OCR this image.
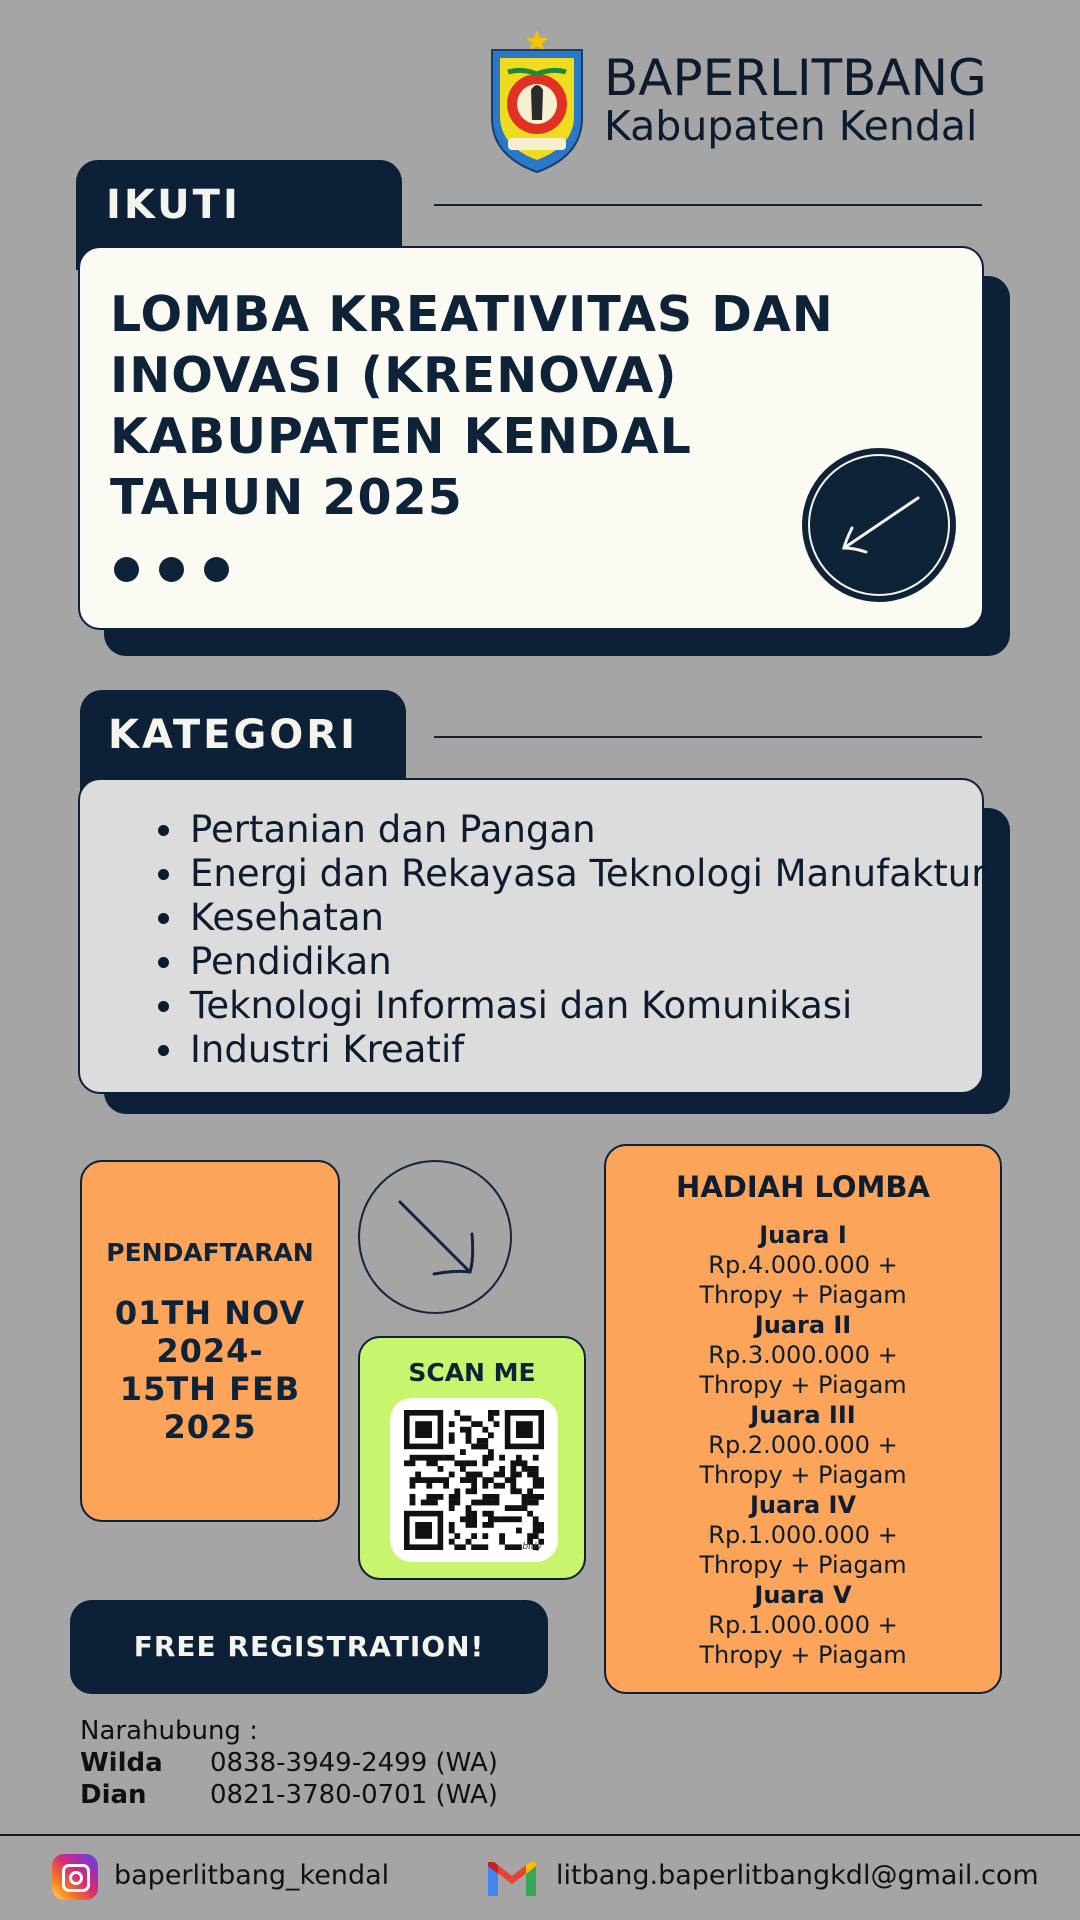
BAPERLITBANG
Kabupaten Kendal
IKUTI
LOMBA KREATIVITAS DAN
INOVASI (KRENOVA)
KABUPATEN KENDAL
TAHUN 2025
KATEGORI
Pertanian dan Pangan
Energi dan Rekayasa Teknologi Manufaktur
Kesehatan
Pendidikan
Teknologi Informasi dan Komunikasi
Industri Kreatif
PENDAFTARAN
01TH NOV
2024-
15TH FEB
2025
SCAN ME
bitly
HADIAH LOMBA
Juara I
Rp.4.000.000 +
Thropy + Piagam
Juara II
Rp.3.000.000 +
Thropy + Piagam
Juara III
Rp.2.000.000 +
Thropy + Piagam
Juara IV
Rp.1.000.000 +
Thropy + Piagam
Juara V
Rp.1.000.000 +
Thropy + Piagam
FREE REGISTRATION!
Narahubung :
Wilda 0838-3949-2499 (WA)
Dian 0821-3780-0701 (WA)
baperlitbang_kendal	litbang.baperlitbangkdl@gmail.com
